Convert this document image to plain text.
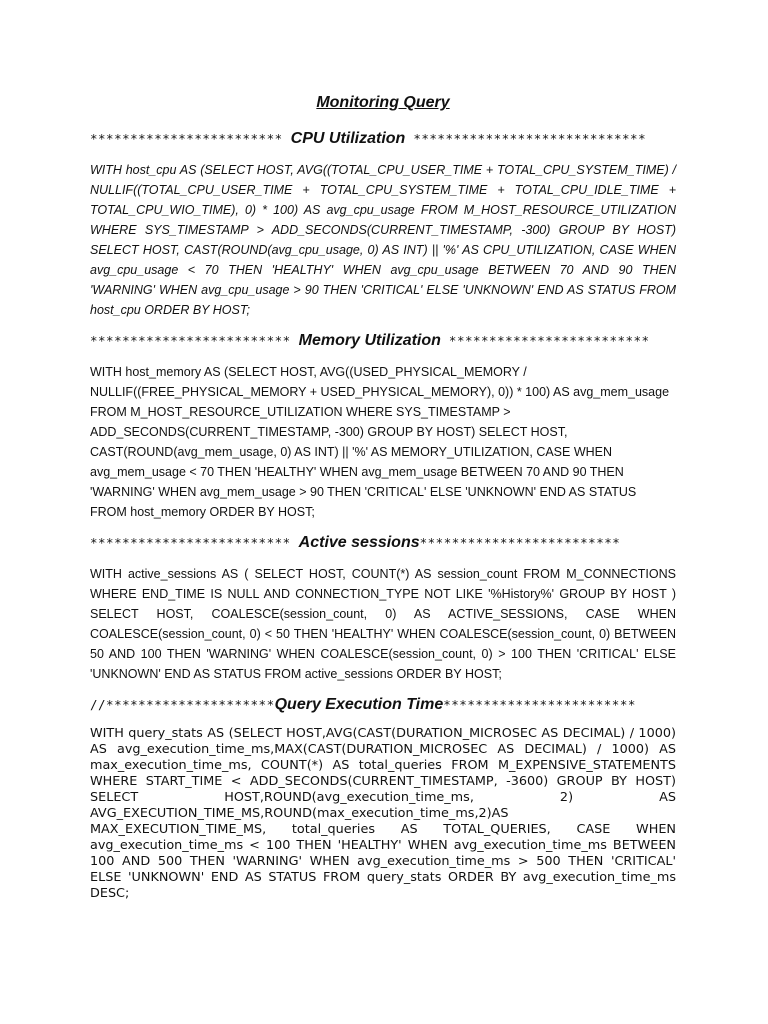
Monitoring Query
************************ CPU Utilization *****************************

WITH host_cpu AS (SELECT HOST, AVG((TOTAL_CPU_USER_TIME + TOTAL_CPU_SYSTEM_TIME) / NULLIF((TOTAL_CPU_USER_TIME + TOTAL_CPU_SYSTEM_TIME + TOTAL_CPU_IDLE_TIME + TOTAL_CPU_WIO_TIME), 0) * 100) AS avg_cpu_usage FROM M_HOST_RESOURCE_UTILIZATION WHERE SYS_TIMESTAMP > ADD_SECONDS(CURRENT_TIMESTAMP, -300) GROUP BY HOST) SELECT HOST, CAST(ROUND(avg_cpu_usage, 0) AS INT) || '%' AS CPU_UTILIZATION, CASE WHEN avg_cpu_usage < 70 THEN 'HEALTHY' WHEN avg_cpu_usage BETWEEN 70 AND 90 THEN 'WARNING' WHEN avg_cpu_usage > 90 THEN 'CRITICAL' ELSE 'UNKNOWN' END AS STATUS FROM host_cpu ORDER BY HOST;

************************* Memory Utilization *************************

WITH host_memory AS (SELECT HOST, AVG((USED_PHYSICAL_MEMORY / NULLIF((FREE_PHYSICAL_MEMORY + USED_PHYSICAL_MEMORY), 0)) * 100) AS avg_mem_usage FROM M_HOST_RESOURCE_UTILIZATION WHERE SYS_TIMESTAMP > ADD_SECONDS(CURRENT_TIMESTAMP, -300) GROUP BY HOST) SELECT HOST, CAST(ROUND(avg_mem_usage, 0) AS INT) || '%' AS MEMORY_UTILIZATION, CASE WHEN avg_mem_usage < 70 THEN 'HEALTHY' WHEN avg_mem_usage BETWEEN 70 AND 90 THEN 'WARNING' WHEN avg_mem_usage > 90 THEN 'CRITICAL' ELSE 'UNKNOWN' END AS STATUS FROM host_memory ORDER BY HOST;

************************* Active sessions*************************

WITH active_sessions AS ( SELECT HOST, COUNT(*) AS session_count FROM M_CONNECTIONS WHERE END_TIME IS NULL AND CONNECTION_TYPE NOT LIKE '%History%' GROUP BY HOST ) SELECT HOST, COALESCE(session_count, 0) AS ACTIVE_SESSIONS, CASE WHEN COALESCE(session_count, 0) < 50 THEN 'HEALTHY' WHEN COALESCE(session_count, 0) BETWEEN 50 AND 100 THEN 'WARNING' WHEN COALESCE(session_count, 0) > 100 THEN 'CRITICAL' ELSE 'UNKNOWN' END AS STATUS FROM active_sessions ORDER BY HOST;

//*********************Query Execution Time************************

WITH query_stats AS (SELECT HOST,AVG(CAST(DURATION_MICROSEC AS DECIMAL) / 1000) AS avg_execution_time_ms,MAX(CAST(DURATION_MICROSEC AS DECIMAL) / 1000) AS max_execution_time_ms, COUNT(*) AS total_queries FROM M_EXPENSIVE_STATEMENTS WHERE START_TIME < ADD_SECONDS(CURRENT_TIMESTAMP, -3600) GROUP BY HOST) SELECT HOST,ROUND(avg_execution_time_ms, 2) AS AVG_EXECUTION_TIME_MS,ROUND(max_execution_time_ms,2)AS MAX_EXECUTION_TIME_MS, total_queries AS TOTAL_QUERIES, CASE WHEN avg_execution_time_ms < 100 THEN 'HEALTHY' WHEN avg_execution_time_ms BETWEEN 100 AND 500 THEN 'WARNING' WHEN avg_execution_time_ms > 500 THEN 'CRITICAL' ELSE 'UNKNOWN' END AS STATUS FROM query_stats ORDER BY avg_execution_time_ms DESC;
